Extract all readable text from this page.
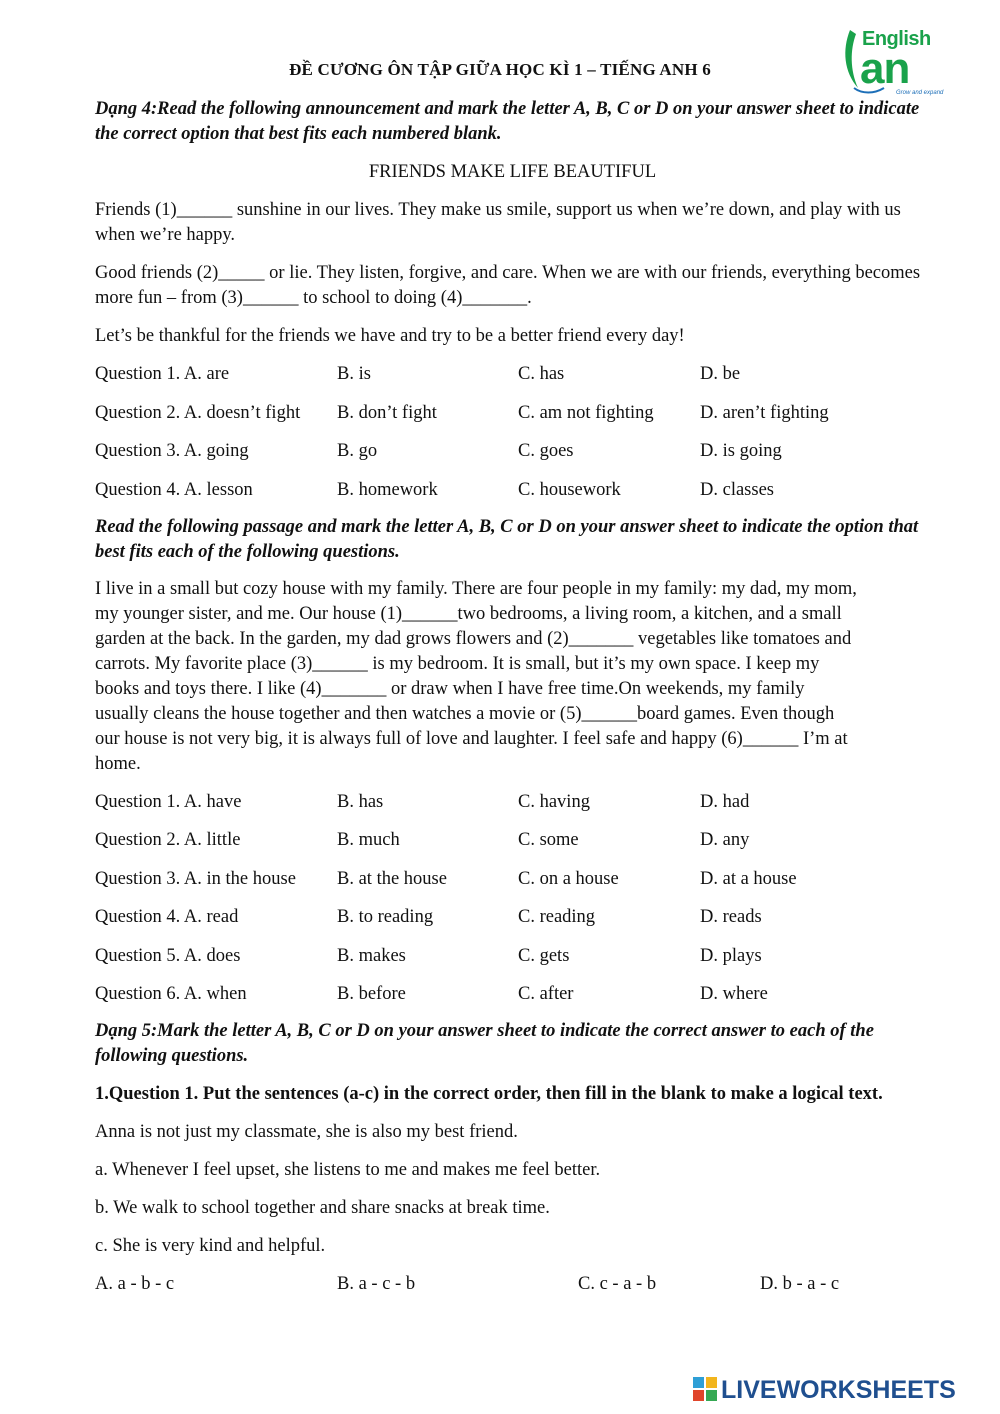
ĐỀ CƯƠNG ÔN TẬP GIỮA HỌC KÌ 1 – TIẾNG ANH 6
English
an
Grow and expand

Dạng 4:Read the following announcement and mark the letter A, B, C or D on your answer sheet to indicate the correct option that best fits each numbered blank.

FRIENDS MAKE LIFE BEAUTIFUL

Friends (1)______ sunshine in our lives. They make us smile, support us when we’re down, and play with us when we’re happy.

Good friends (2)_____ or lie. They listen, forgive, and care. When we are with our friends, everything becomes more fun – from (3)______ to school to doing (4)_______.

Let’s be thankful for the friends we have and try to be a better friend every day!

Question 1. A. are	B. is	C. has	D. be
Question 2. A. doesn’t fight B. don’t fight	C. am not fighting	D. aren’t fighting
Question 3. A. going	B. go	C. goes	D. is going
Question 4. A. lesson	B. homework	C. housework	D. classes

Read the following passage and mark the letter A, B, C or D on your answer sheet to indicate the option that best fits each of the following questions.

I live in a small but cozy house with my family. There are four people in my family: my dad, my mom,
my younger sister, and me. Our house (1)______two bedrooms, a living room, a kitchen, and a small
garden at the back. In the garden, my dad grows flowers and (2)_______ vegetables like tomatoes and
carrots. My favorite place (3)______ is my bedroom. It is small, but it’s my own space. I keep my
books and toys there. I like (4)_______ or draw when I have free time.On weekends, my family
usually cleans the house together and then watches a movie or (5)______board games. Even though
our house is not very big, it is always full of love and laughter. I feel safe and happy (6)______ I’m at
home.
Question 1. A. have	B. has	C. having	D. had
Question 2. A. little	B. much	C. some	D. any
Question 3. A. in the house B. at the house	C. on a house	D. at a house
Question 4. A. read	B. to reading	C. reading	D. reads
Question 5. A. does	B. makes	C. gets	D. plays
Question 6. A. when	B. before	C. after	D. where

Dạng 5:Mark the letter A, B, C or D on your answer sheet to indicate the correct answer to each of the following questions.

1.Question 1. Put the sentences (a-c) in the correct order, then fill in the blank to make a logical text.

Anna is not just my classmate, she is also my best friend.

a. Whenever I feel upset, she listens to me and makes me feel better.

b. We walk to school together and share snacks at break time.

c. She is very kind and helpful.

A. a - b - c	B. a - c - b	C. c - a - b	D. b - a - c
LIVEWORKSHEETS
